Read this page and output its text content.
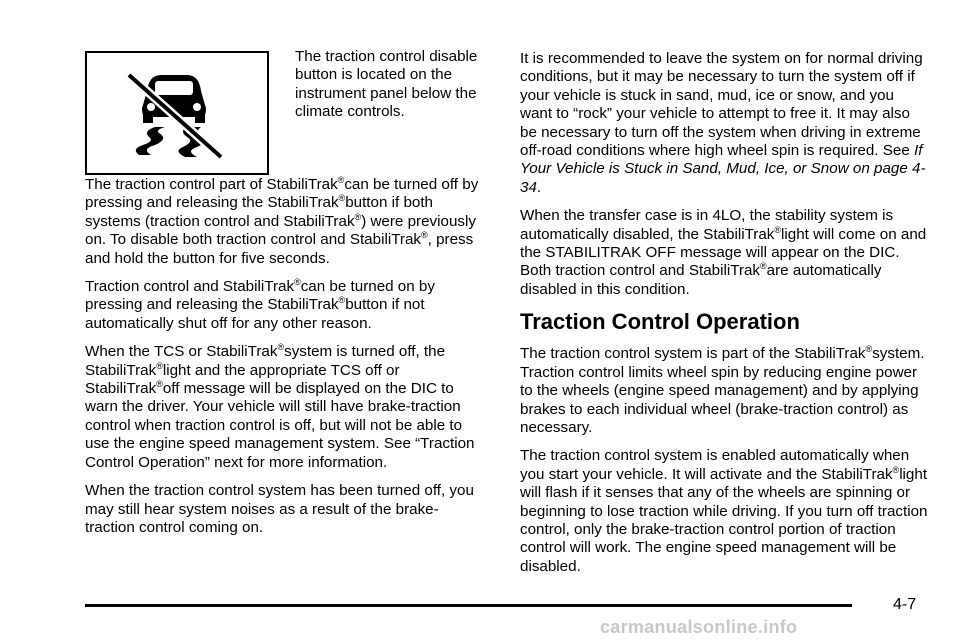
The traction control disable button is located on the instrument panel below the climate controls.

The traction control part of StabiliTrak®can be turned off by pressing and releasing the StabiliTrak®button if both systems (traction control and StabiliTrak®) were previously on. To disable both traction control and StabiliTrak®, press and hold the button for five seconds.

Traction control and StabiliTrak®can be turned on by pressing and releasing the StabiliTrak®button if not automatically shut off for any other reason.

When the TCS or StabiliTrak®system is turned off, the StabiliTrak®light and the appropriate TCS off or StabiliTrak®off message will be displayed on the DIC to warn the driver. Your vehicle will still have brake-traction control when traction control is off, but will not be able to use the engine speed management system. See “Traction Control Operation” next for more information.

When the traction control system has been turned off, you may still hear system noises as a result of the brake-traction control coming on.

It is recommended to leave the system on for normal driving conditions, but it may be necessary to turn the system off if your vehicle is stuck in sand, mud, ice or snow, and you want to “rock” your vehicle to attempt to free it. It may also be necessary to turn off the system when driving in extreme off-road conditions where high wheel spin is required. See If Your Vehicle is Stuck in Sand, Mud, Ice, or Snow on page 4-34.

When the transfer case is in 4LO, the stability system is automatically disabled, the StabiliTrak®light will come on and the STABILITRAK OFF message will appear on the DIC. Both traction control and StabiliTrak®are automatically disabled in this condition.

Traction Control Operation

The traction control system is part of the StabiliTrak®system. Traction control limits wheel spin by reducing engine power to the wheels (engine speed management) and by applying brakes to each individual wheel (brake-traction control) as necessary.

The traction control system is enabled automatically when you start your vehicle. It will activate and the StabiliTrak®light will flash if it senses that any of the wheels are spinning or beginning to lose traction while driving. If you turn off traction control, only the brake-traction control portion of traction control will work. The engine speed management will be disabled.

4-7
carmanualsonline.info
